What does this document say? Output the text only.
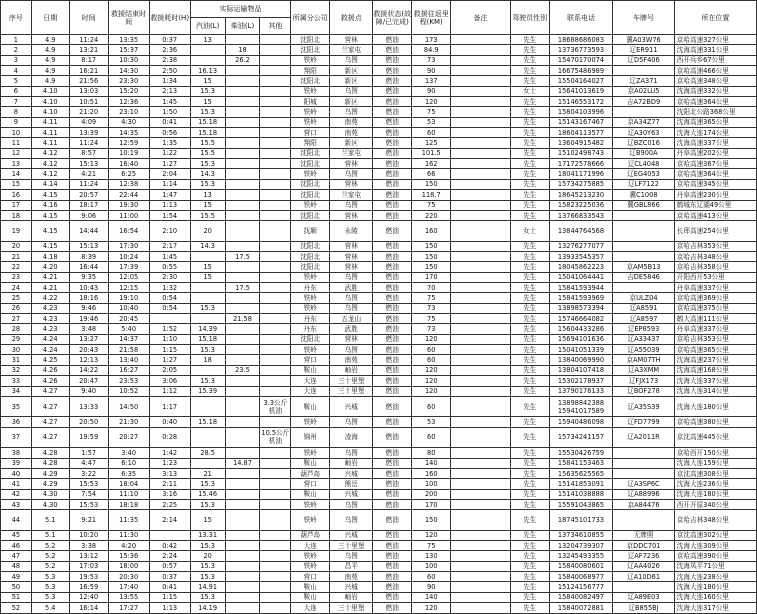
序号	日期	时间	救援结束时间	救援耗时(H)	实际运输物品			所属分公司	救援点	救援状态(故障/已完成)	救援往返里程(KM)	备注	驾驶员性别	联系电话	车牌号	所在位置
					汽油(L)	柴油(L)	其他									
1	4.9	11:24	13:35	0:37	13			沈阳北	营林	燃油	173		先生	18688686083	冀A03W76	京哈高速327公里
2	4.9	13:21	15:37	2:36		18		沈阳北	兰家屯	燃油	84.9		先生	13736773593	辽ER911	沈海高速331公里
3	4.9	8:17	10:30	2:38		26.2		铁岭	乌图	燃油	73		先生	15470170074	辽D5F406	西开兵乡67公里
4	4.9	16:21	14:30	2:50	16.13			翔阳	新区	燃油	90		先生	16675486989		京哈高速466公里
5	4.9	21:56	23:30	1:34	15			沈阳北	新区	燃油	137		先生	15504164027	辽ZA371	京哈高速348公里
6	4.10	13:03	15:20	2:13	15.3			铁岭	乌图	燃油	90		女士	15641013619	京A02LU5	沈海高速332公里
7	4.10	10:51	12:36	1:45	15			阳城	新区	燃油	120		先生	15146553172	吉A72BD9	京哈高速364公里
8	4.10	21:20	23:10	1:50	15.3			铁岭	乌图	燃油	75		先生	15804103996		沈阳北公路368公里
9	4.11	4:09	4:30	0:41	15.18			铁岭	南苑	燃油	53		先生	15143167467	京A34Z77	沈海高速365公里
10	4.11	13:39	14:35	0:56	15.18			营口	南苑	燃油	60		先生	18604113577	辽A30Y63	沈海大连174公里
11	4.11	11:24	12:59	1:35	15.5			翔阳	新区	燃油	125		先生	13604915482	辽BZC016	沈海高速337公里
12	4.12	8:57	10:19	1:22	15.5			沈阳北	兰家屯	燃油	101.5		先生	15102498743	辽B900A	丹阜高速202公里
13	4.12	15:13	16:40	1:27	15.3			沈阳北	营林	燃油	162		先生	17172578666	辽CL4048	京哈高速367公里
14	4.12	4:21	6:25	2:04	14.3			铁岭	乌图	燃油	66		先生	18041171996	辽EG4053	京哈高速364公里
15	4.14	11:24	12:38	1:14	15.3			沈阳北	营林	燃油	150		先生	15734275885	辽LF7122	京哈高速345公里
16	4.15	20:57	22:44	1:47	13			沈阳北	兰家屯	燃油	118.7		先生	18645213230	冀C1008	丹阜高速230公里
17	4.16	18:17	19:30	1:13	15			铁岭	乌图	燃油	75		先生	15823225036	冀GBL866	鹤城东辽湖49公里
18	4.15	9:06	11:00	1:54	15.5			沈阳北	营林	燃油	220		先生	13766833543		京哈高速413公里
19	4.15	14:44	16:54	2:10	20			抚顺	永陵	燃油	160		女士	13844764568		长珲高速254公里
20	4.15	15:13	17:30	2:17	14.3			沈阳北	营林	燃油	150		先生	13276277077		京哈吉林353公里
21	4.18	8:39	10:24	1:45		17.5		沈阳北	营林	燃油	150		先生	13933545357		京哈吉林348公里
22	4.20	16:44	17:39	0:55	15			沈阳北	营林	燃油	150		先生	18045862223	京AM5B13	京哈吉林358公里
23	4.21	9:35	12:05	2:30	15			铁岭	乌图	燃油	170		先生	15041064441	吉DE5846	开阳西开53公里
24	4.21	10:43	12:15	1:32		17.5		丹东	武胜	燃油	70		先生	15841593944		丹阜高速337公里
25	4.22	18:16	19:10	0:54				铁岭	乌图	燃油	75		先生	15841593969	京ULZ04	京哈高速369公里
26	4.23	9:46	10:40	0:54	15.3			铁岭	乌图	燃油	73		先生	13898573394	辽A8591	京哈高速375公里
27	4.23	19:46	20:45			21.58		丹东	五龙山	燃油	75		先生	15746664082	辽A8597	鹤大高速111公里
28	4.23	3:48	5:40	1:52	14.39			丹东	武胜	燃油	73		先生	15604433286	辽EP8593	丹阜高速337公里
29	4.24	13:27	14:37	1:10	15.18			沈阳北	营林	燃油	120		先生	15694101636	辽A33437	京哈吉林353公里
30	4.24	20:43	21:58	1:15	15.3			铁岭	乌图	燃油	60		先生	15041051339	辽A55039	京哈高速365公里
31	4.25	12:13	13:40	1:27	18			营口	南苑	燃油	60		先生	13840069990	京AM07TH	沈海高速237公里
32	4.26	14:22	16:27	2:05		23.5		鞍山	岫岩	燃油	120		先生	13804107418	辽A3XMM	沈海高速168公里
33	4.26	20:47	23:53	3:06	15.3			大连	三十里堡	燃油	120		先生	15302178937	辽FJX173	沈海大连337公里
34	4.27	9:40	10:52	1:12	15.39			大连	三十里堡	燃油	120		先生	13790176133	辽BOF278	沈海大连314公里
35	4.27	13:33	14:50	1:17			3.3公斤 机油	鞍山	兴城	燃油	60		先生	13898842388 15941017589	辽A35S39	沈海大连180公里
36	4.27	20:50	21:30	0:40	15.18			铁岭	乌图	燃油	53		先生	15940486098	辽FD7799	京哈高速380公里
37	4.27	19:59	20:27	0:28			10.5公斤 机油	锦州	凌海	燃油	60		先生	15734241157	辽A2011R	京沈高速445公里
38	4.28	1:57	3:40	1:42	28.5			铁岭	乌图	燃油	80		先生	15530426759		京哈西开150公里
39	4.28	4:47	6:10	1:23		14.87		鞍山	岫岩	燃油	140		先生	15841153463		沈海大连159公里
40	4.29	3:22	6:35	3:13	21			葫芦岛	兴城	燃油	160		先生	15635625565		京沈高速308公里
41	4.29	15:53	18:04	2:11	15.3			营口	熊岳	燃油	100		先生	15141853091	辽A3SP6C	沈海大连236公里
42	4.30	7:54	11:10	3:16	15.46			鞍山	兴城	燃油	200		先生	15141038888	辽A88996	沈海大连180公里
43	4.30	15:53	18:18	2:25	15.3			铁岭	乌图	燃油	170		先生	15591043865	京A84476	西开开原340公里
44	5.1	9:21	11:35	2:14	15			铁岭	乌图	燃油	150		先生	18745101733		京哈吉林348公里
45	5.1	10:20	11:30		13.31			葫芦岛	兴城	燃油	120		先生	13734610855	无牌照	京沈高速302公里
46	5.2	3:38	4:20	0:42	15.3			大连	三十里堡	燃油	75		先生	13204739307	京DDC701	沈海大连309公里
47	5.2	13:12	15:36	2:24	20			铁岭	乌图	燃油	130		先生	13245493355	辽AF7236	京哈高速390公里
48	5.2	17:03	18:00	0:57	15.3			铁岭	昌平	燃油	100		先生	15840080601	辽AA4026	沈海凤平71公里
49	5.3	19:53	20:30	0:37	15.3			营口	南苑	燃油	60		先生	15840068977	辽A10D61	沈海大连238公里
50	5.3	16:59	17:40	0:41	14.91			鞍山	兴城	燃油	90		先生	15124156777		沈海大连180公里
51	5.3	12:40	13:55	1:15	15.3			鞍山	岫岩	燃油	140		先生	15840082497	辽A89E03	沈海大连160公里
52	5.4	16:14	17:27	1:13	14.19			大连	三十里堡	燃油	120		先生	15840072881	辽B855BJ	沈海大连317公里
